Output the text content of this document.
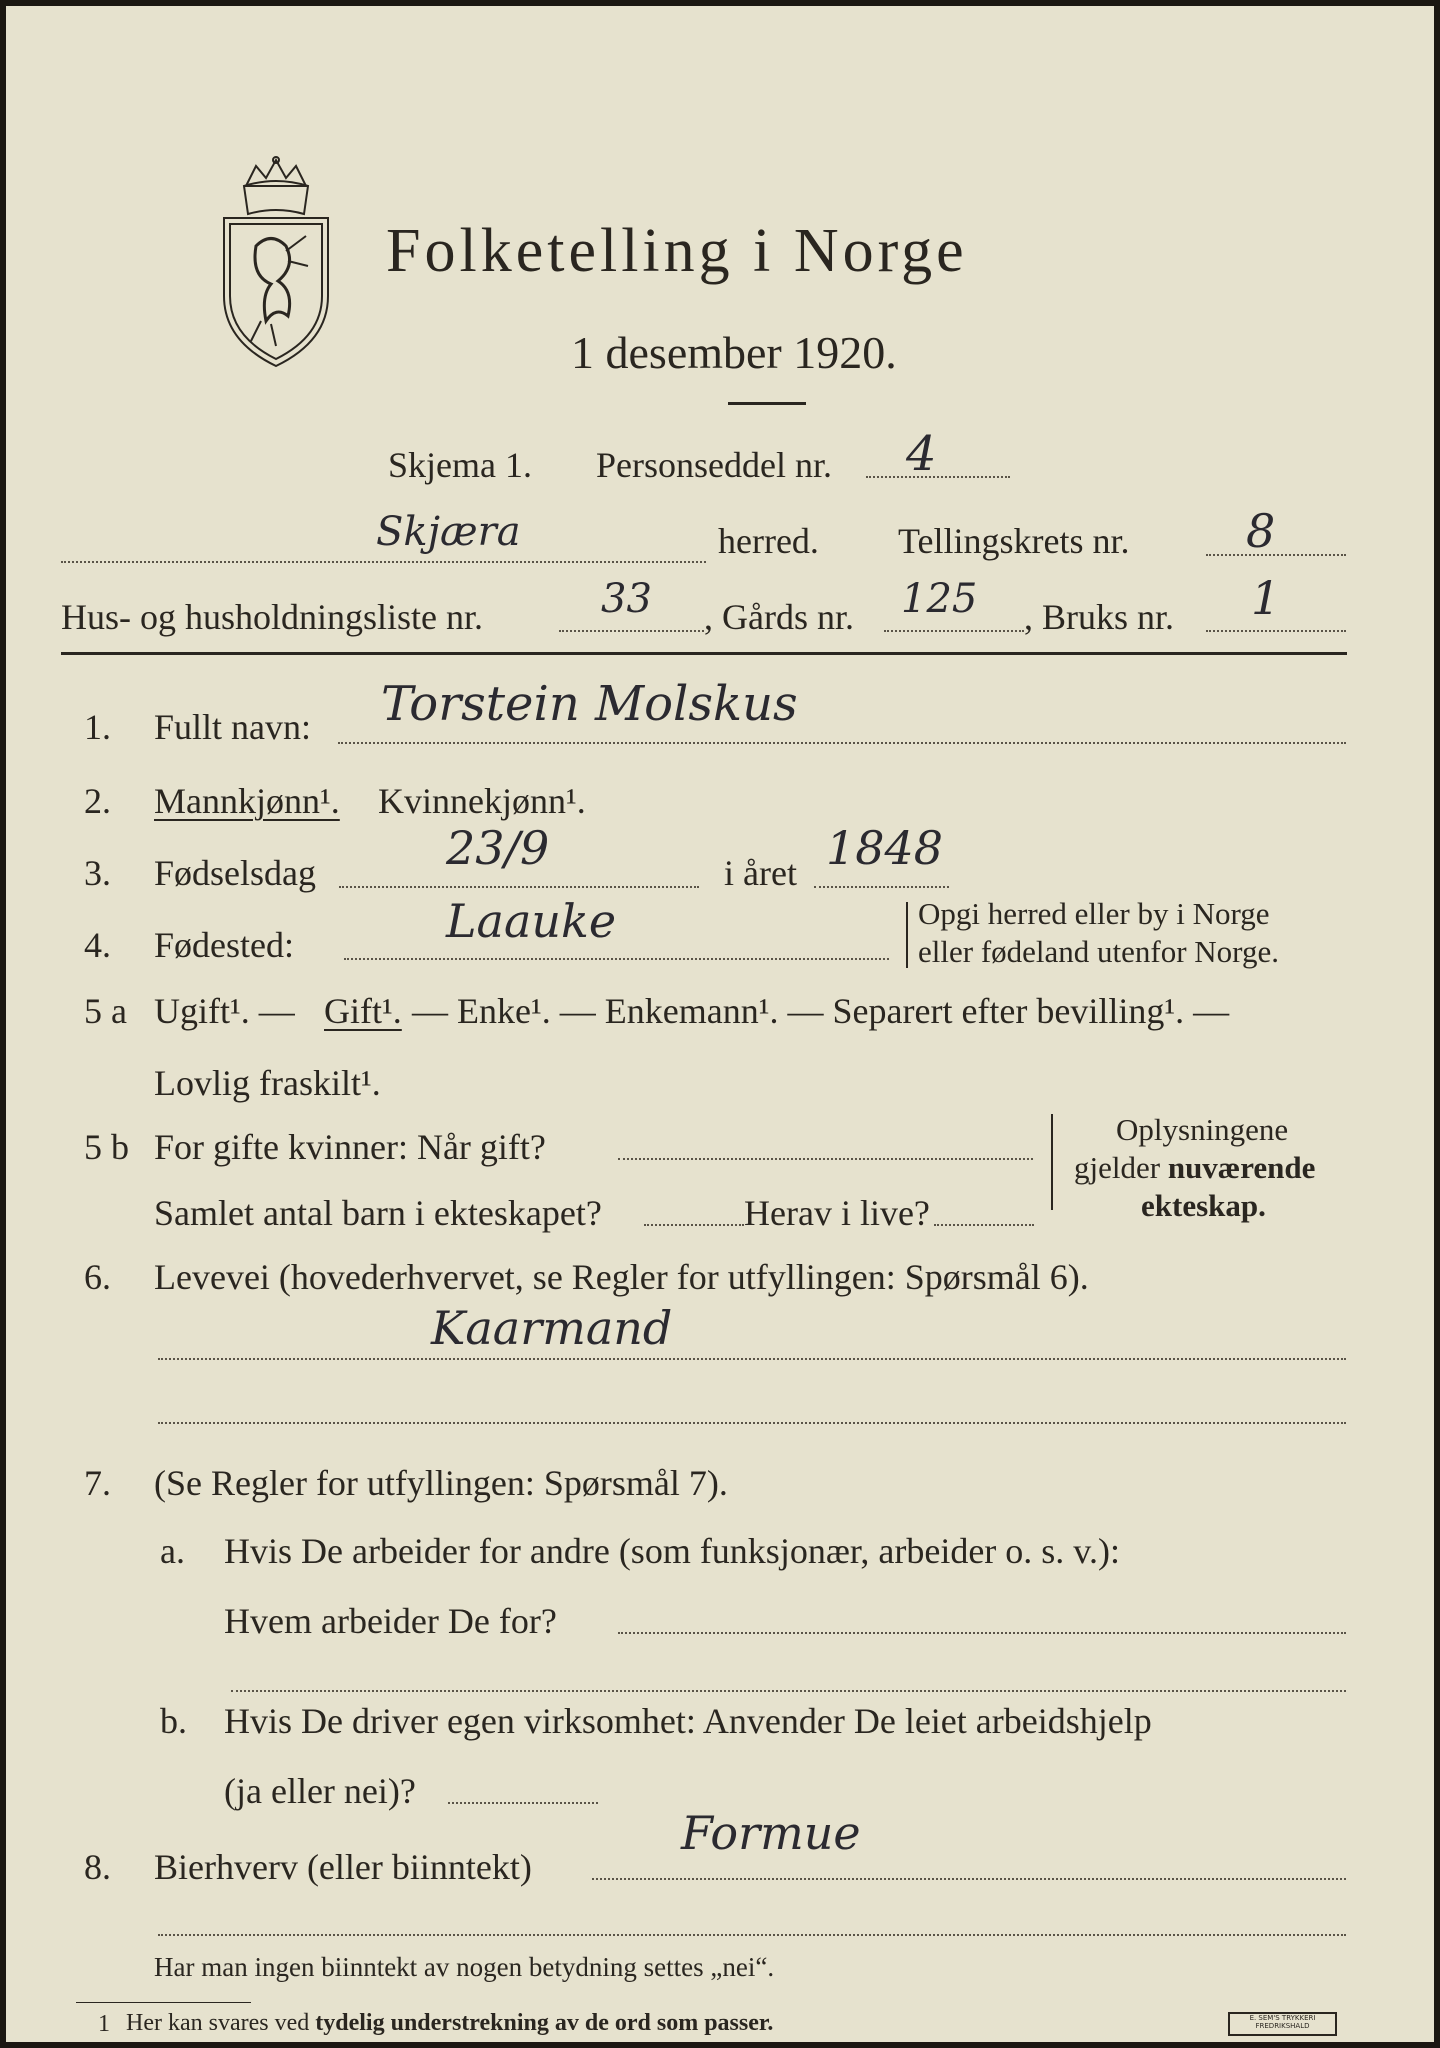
Folketelling i Norge
1 desember 1920.
Skjema 1. Personseddel nr. 4
Skjæra	herred. Tellingskrets nr.	8
Hus- og husholdningsliste nr.	33 , Gårds nr. 125 , Bruks nr. 1
1. Fullt navn: Torstein Molskus
2. Mannkjønn¹. Kvinnekjønn¹.
3. Fødselsdag	23/9	i året 1848
4. Fødested:	Laauke	Opgi herred eller by i Norge
eller fødeland utenfor Norge.
5 a Ugift¹. — Gift¹. — Enke¹. — Enkemann¹. — Separert efter bevilling¹. —
Lovlig fraskilt¹.
5 b For gifte kvinner: Når gift?
Samlet antal barn i ekteskapet?	Herav i live?
Oplysningene
gjelder nuværende
ekteskap.
6. Levevei (hovederhvervet, se Regler for utfyllingen: Spørsmål 6).
Kaarmand
7. (Se Regler for utfyllingen: Spørsmål 7).
a. Hvis De arbeider for andre (som funksjonær, arbeider o. s. v.):
Hvem arbeider De for?
b. Hvis De driver egen virksomhet: Anvender De leiet arbeidshjelp
(ja eller nei)?
8. Bierhverv (eller biinntekt)
Formue
Har man ingen biinntekt av nogen betydning settes „nei“.
1 Her kan svares ved tydelig understrekning av de ord som passer.	E. SEM'S TRYKKERI FREDRIKSHALD
